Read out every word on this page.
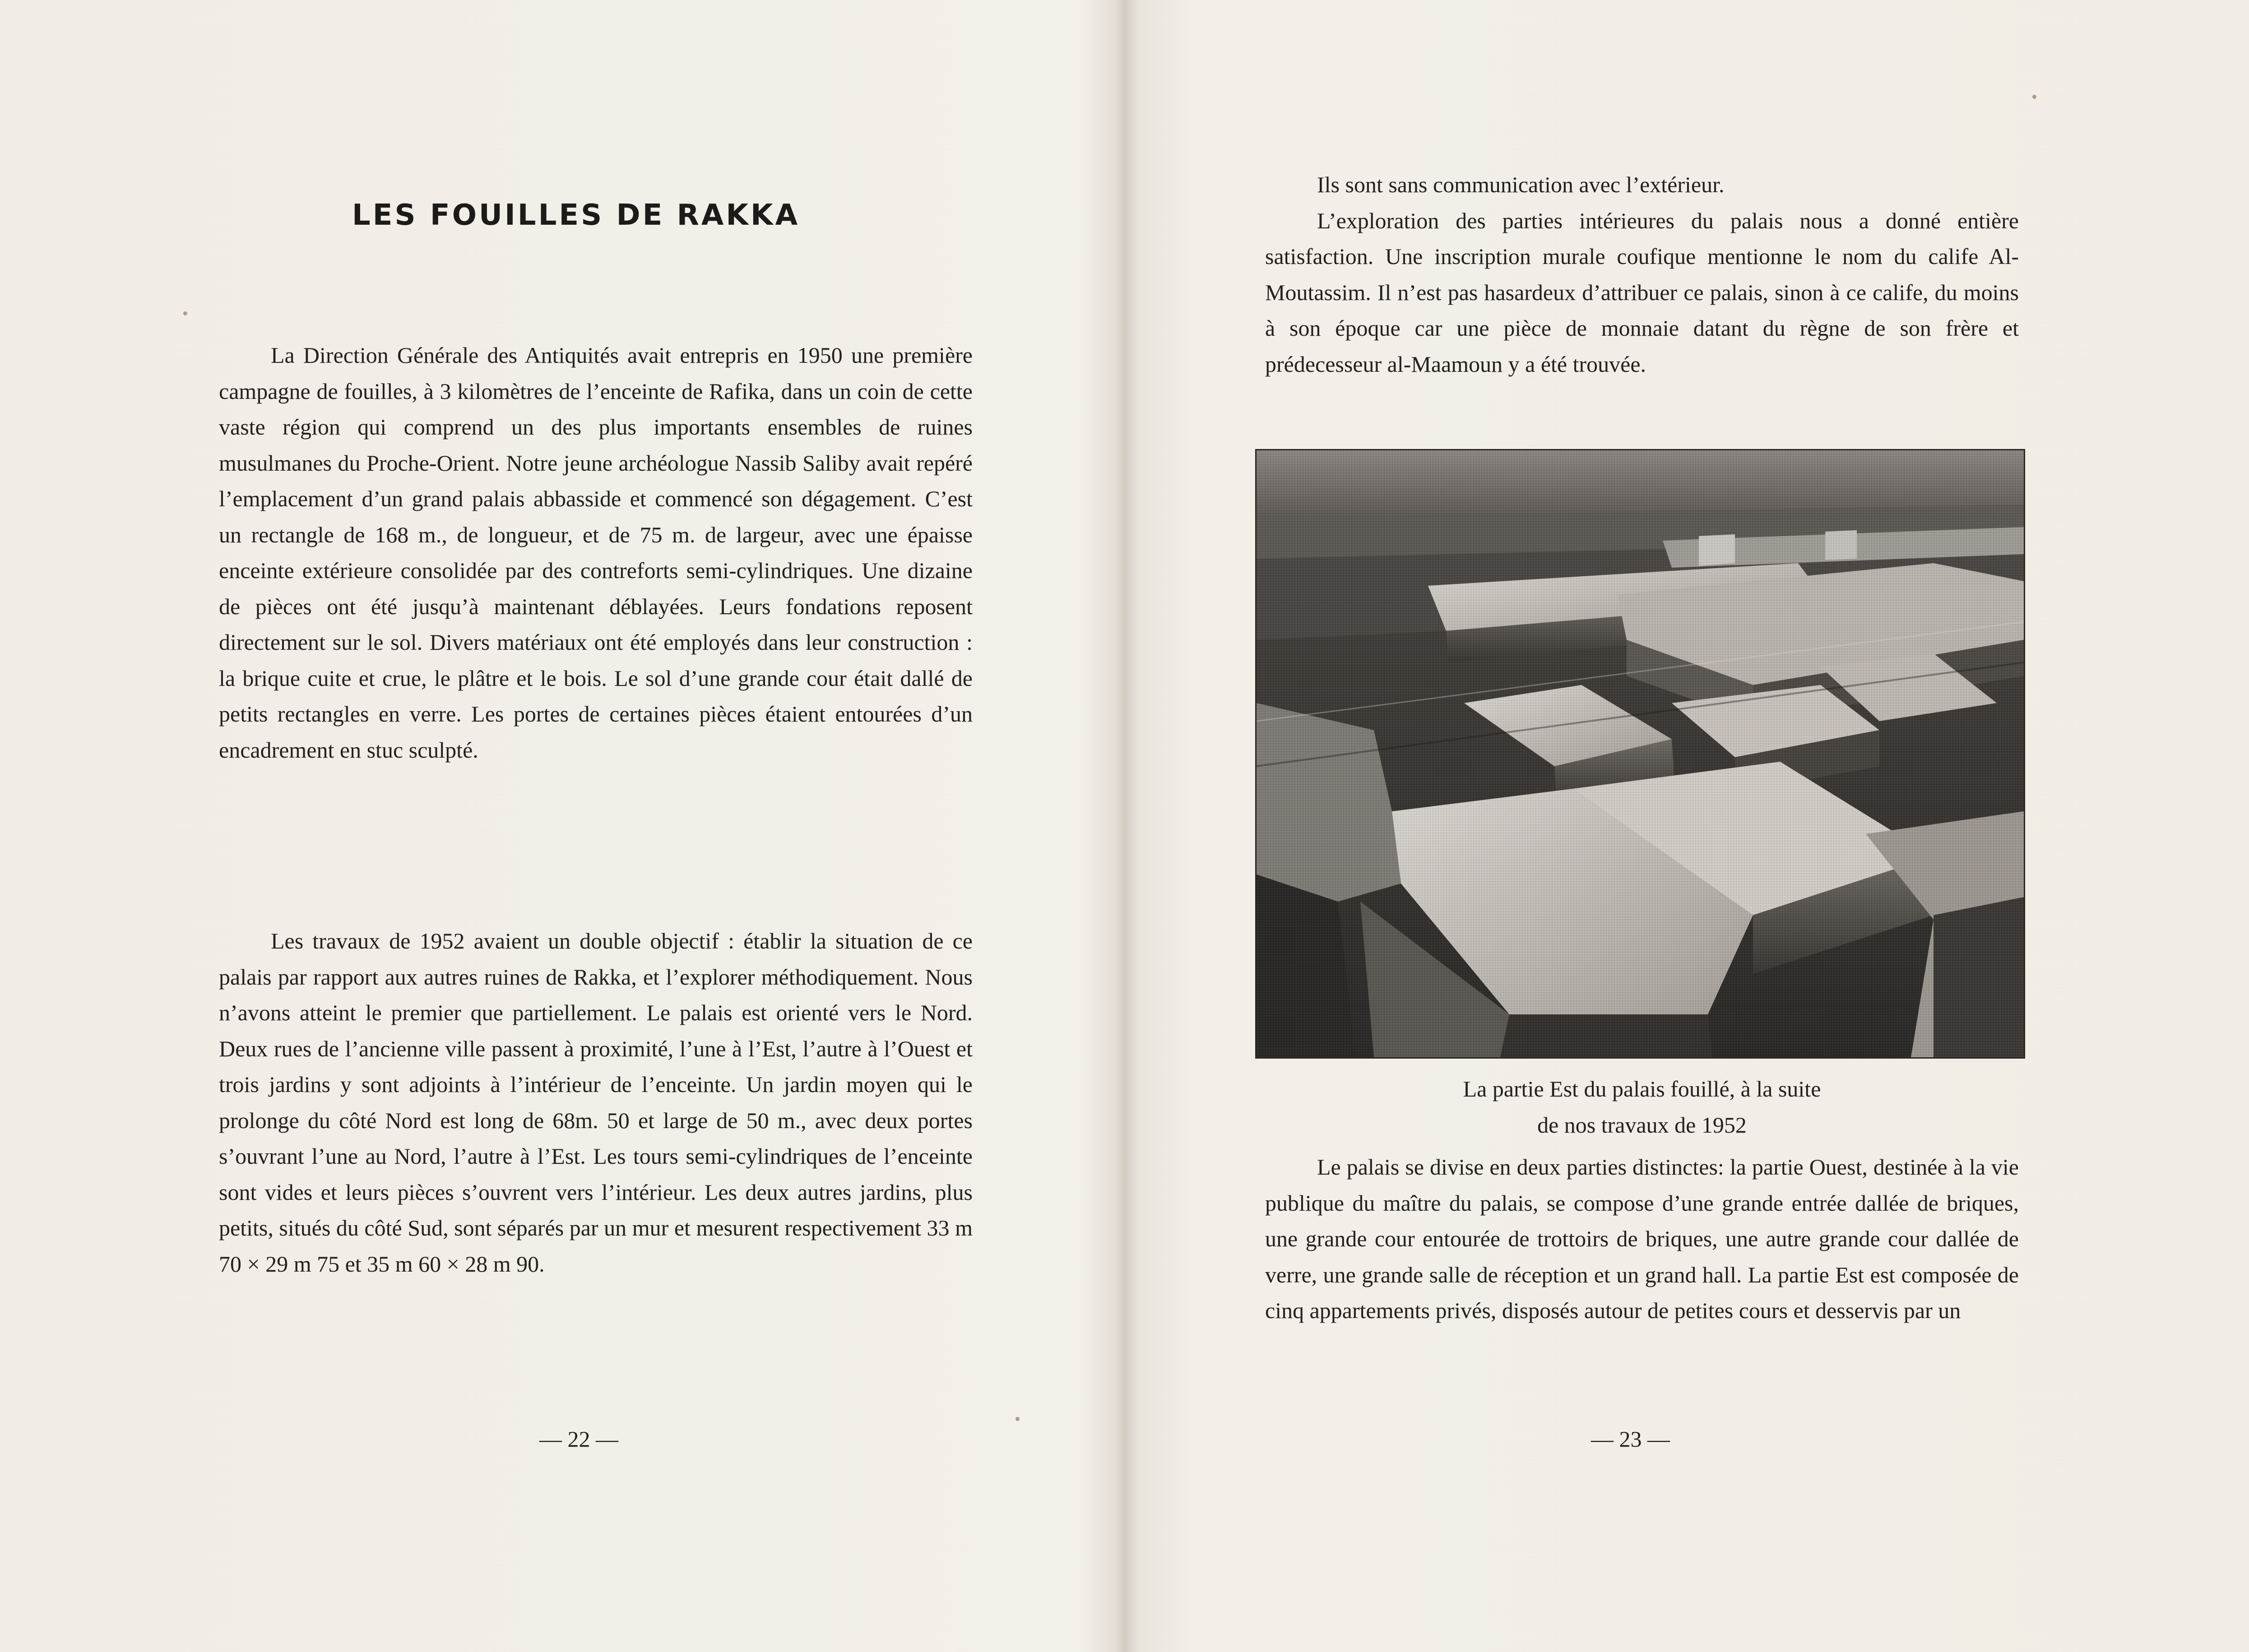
LES FOUILLES DE RAKKA

La Direction Générale des Antiquités avait entrepris en 1950 une première campagne de fouilles, à 3 kilomètres de l’enceinte de Rafika, dans un coin de cette vaste région qui comprend un des plus importants ensembles de ruines musulmanes du Proche-Orient. Notre jeune archéologue Nassib Saliby avait repéré l’emplacement d’un grand palais abbasside et commencé son dégagement. C’est un rectangle de 168 m., de longueur, et de 75 m. de largeur, avec une épaisse enceinte extérieure consolidée par des contreforts semi-cylindriques. Une dizaine de pièces ont été jusqu’à maintenant déblayées. Leurs fondations reposent directement sur le sol. Divers matériaux ont été employés dans leur construction : la brique cuite et crue, le plâtre et le bois. Le sol d’une grande cour était dallé de petits rectangles en verre. Les portes de certaines pièces étaient entourées d’un encadrement en stuc sculpté.

Les travaux de 1952 avaient un double objectif : établir la situation de ce palais par rapport aux autres ruines de Rakka, et l’explorer méthodiquement. Nous n’avons atteint le premier que partiellement. Le palais est orienté vers le Nord. Deux rues de l’ancienne ville passent à proximité, l’une à l’Est, l’autre à l’Ouest et trois jardins y sont adjoints à l’intérieur de l’enceinte. Un jardin moyen qui le prolonge du côté Nord est long de 68m. 50 et large de 50 m., avec deux portes s’ouvrant l’une au Nord, l’autre à l’Est. Les tours semi-cylindriques de l’enceinte sont vides et leurs pièces s’ouvrent vers l’intérieur. Les deux autres jardins, plus petits, situés du côté Sud, sont séparés par un mur et mesurent respectivement 33 m 70 × 29 m 75 et 35 m 60 × 28 m 90.

— 22 —

Ils sont sans communication avec l’extérieur.

L’exploration des parties intérieures du palais nous a donné entière satisfaction. Une inscription murale coufique mentionne le nom du calife Al-Moutassim. Il n’est pas hasardeux d’attribuer ce palais, sinon à ce calife, du moins à son époque car une pièce de monnaie datant du règne de son frère et prédecesseur al-Maamoun y a été trouvée.

La partie Est du palais fouillé, à la suite
de nos travaux de 1952

Le palais se divise en deux parties distinctes: la partie Ouest, destinée à la vie publique du maître du palais, se compose d’une grande entrée dallée de briques, une grande cour entourée de trottoirs de briques, une autre grande cour dallée de verre, une grande salle de réception et un grand hall. La partie Est est composée de cinq appartements privés, disposés autour de petites cours et desservis par un

— 23 —
